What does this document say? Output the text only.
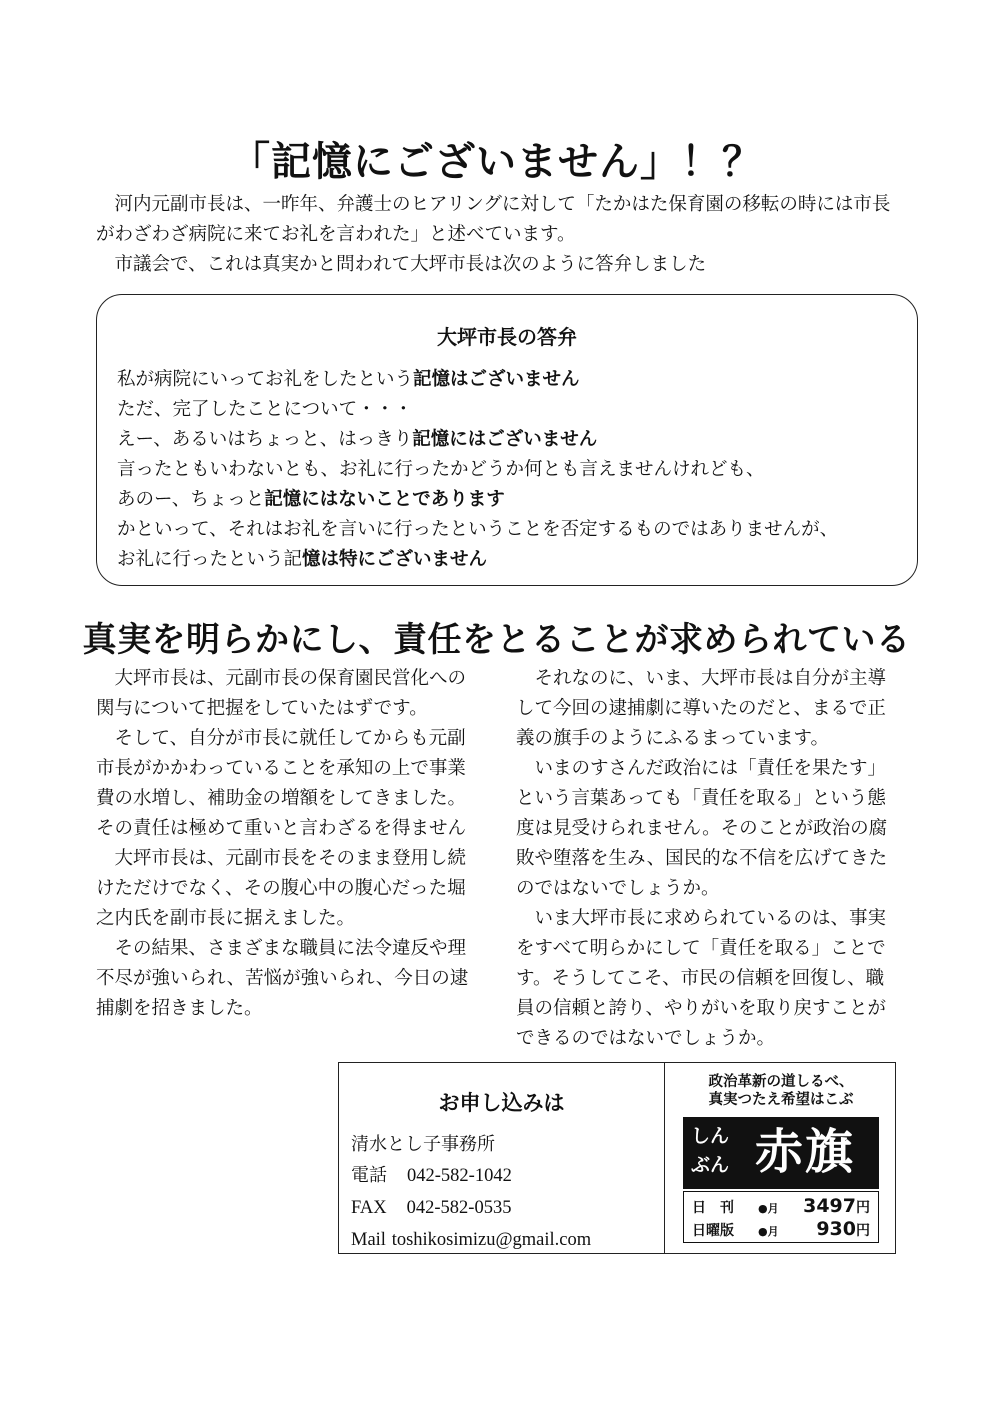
「記憶にございません」！？

河内元副市長は、一昨年、弁護士のヒアリングに対して「たかはた保育園の移転の時には市長がわざわざ病院に来てお礼を言われた」と述べています。

市議会で、これは真実かと問われて大坪市長は次のように答弁しました

大坪市長の答弁
私が病院にいってお礼をしたという記憶はございません
ただ、完了したことについて・・・
えー、あるいはちょっと、はっきり記憶にはございません
言ったともいわないとも、お礼に行ったかどうか何とも言えませんけれども、
あのー、ちょっと記憶にはないことであります
かといって、それはお礼を言いに行ったということを否定するものではありませんが、
お礼に行ったという記憶は特にございません
真実を明らかにし、責任をとることが求められている

大坪市長は、元副市長の保育園民営化への関与について把握をしていたはずです。

そして、自分が市長に就任してからも元副市長がかかわっていることを承知の上で事業費の水増し、補助金の増額をしてきました。その責任は極めて重いと言わざるを得ません

大坪市長は、元副市長をそのまま登用し続けただけでなく、その腹心中の腹心だった堀之内氏を副市長に据えました。

その結果、さまざまな職員に法令違反や理不尽が強いられ、苦悩が強いられ、今日の逮捕劇を招きました。

それなのに、いま、大坪市長は自分が主導して今回の逮捕劇に導いたのだと、まるで正義の旗手のようにふるまっています。

いまのすさんだ政治には「責任を果たす」という言葉あっても「責任を取る」という態度は見受けられません。そのことが政治の腐敗や堕落を生み、国民的な不信を広げてきたのではないでしょうか。

いま大坪市長に求められているのは、事実をすべて明らかにして「責任を取る」ことです。そうしてこそ、市民の信頼を回復し、職員の信頼と誇り、やりがいを取り戻すことができるのではないでしょうか。

お申し込みは
清水とし子事務所
電話 042-582-1042
FAX 042-582-0535
Mail toshikosimizu@gmail.com
政治革新の道しるべ、
真実つたえ希望はこぶ
しん
ぶん 赤旗
日　刊	●月 3497 円
日曜版	●月 930 円
